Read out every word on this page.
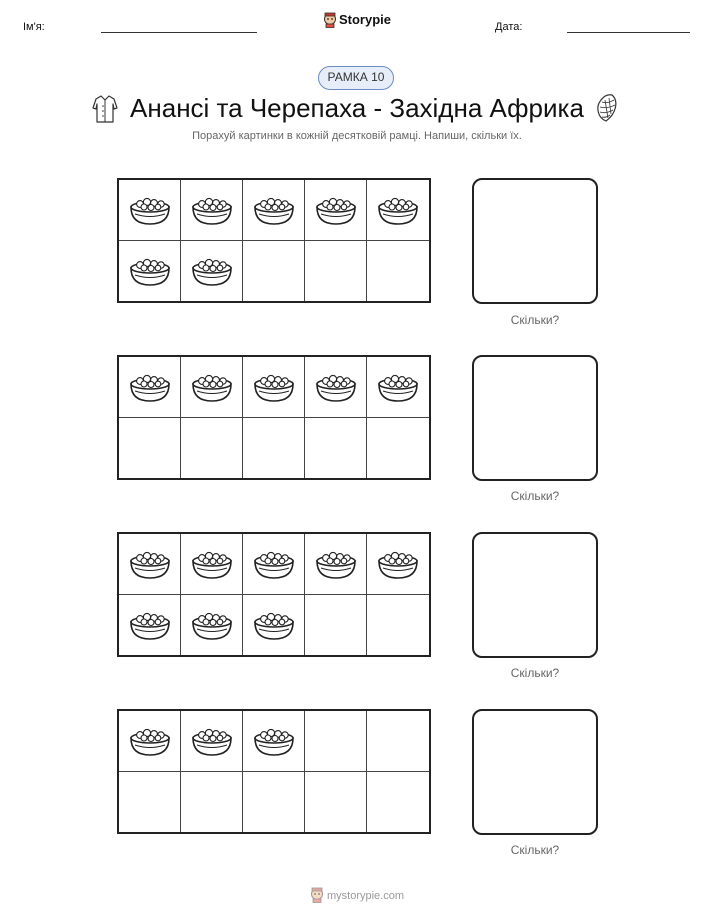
Ім'я:	Storypie	Дата:
РАМКА 10
Анансі та Черепаха - Західна Африка
Порахуй картинки в кожній десятковій рамці. Напиши, скільки їх.
Скільки?
Скільки?
Скільки?
Скільки?
mystorypie.com
